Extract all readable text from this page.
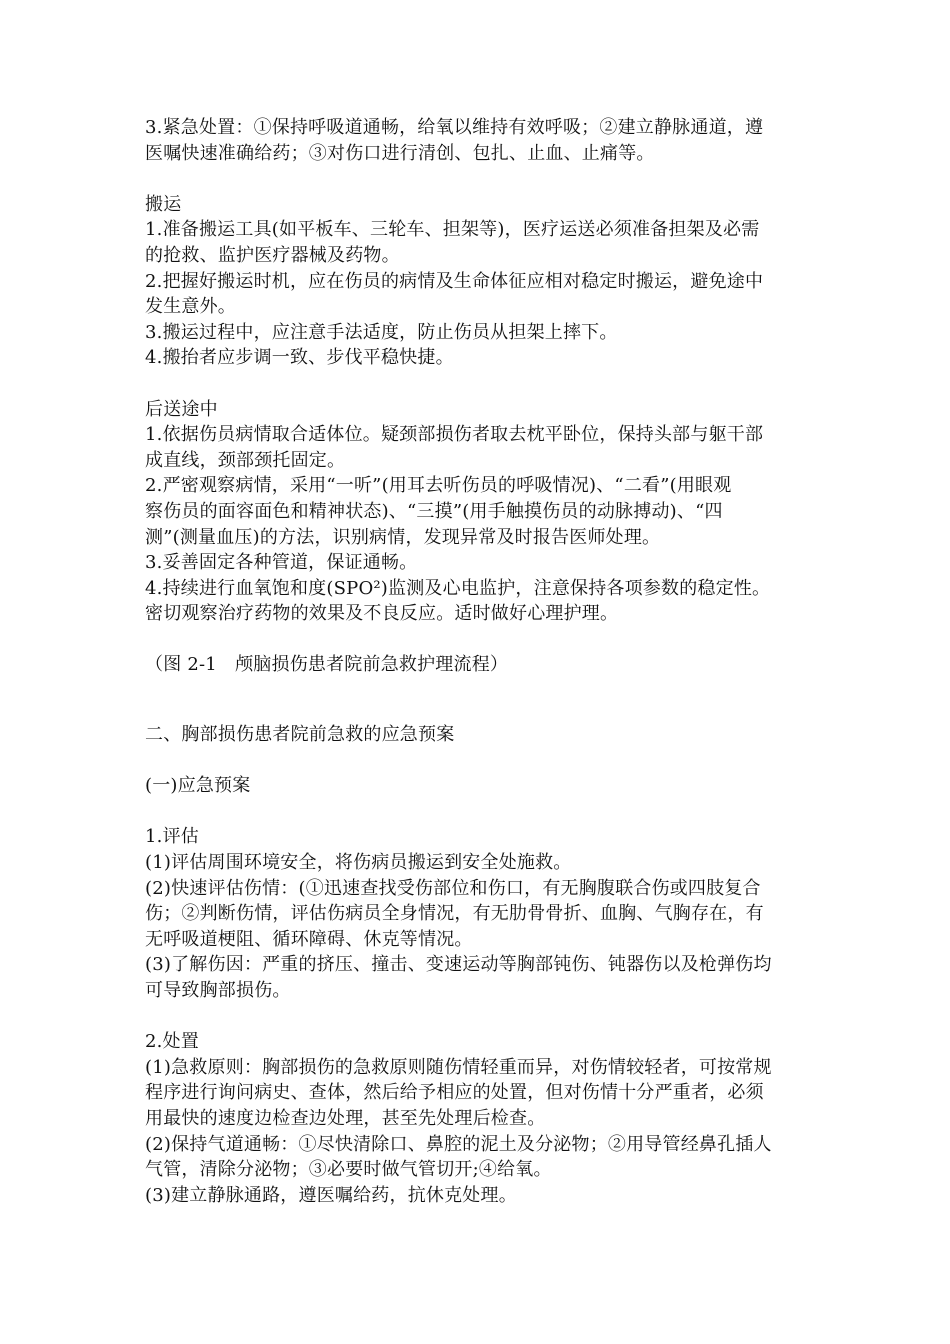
3.紧急处置：①保持呼吸道通畅，给氧以维持有效呼吸；②建立静脉通道，遵
医嘱快速准确给药；③对伤口进行清创、包扎、止血、止痛等。
搬运
1.准备搬运工具(如平板车、三轮车、担架等)，医疗运送必须准备担架及必需
的抢救、监护医疗器械及药物。
2.把握好搬运时机，应在伤员的病情及生命体征应相对稳定时搬运，避免途中
发生意外。
3.搬运过程中，应注意手法适度，防止伤员从担架上摔下。
4.搬抬者应步调一致、步伐平稳快捷。
后送途中
1.依据伤员病情取合适体位。疑颈部损伤者取去枕平卧位，保持头部与躯干部
成直线，颈部颈托固定。
2.严密观察病情，采用“一听”(用耳去听伤员的呼吸情况)、“二看”(用眼观
察伤员的面容面色和精神状态)、“三摸”(用手触摸伤员的动脉搏动)、“四
测”(测量血压)的方法，识别病情，发现异常及时报告医师处理。
3.妥善固定各种管道，保证通畅。
4.持续进行血氧饱和度(SPO²)监测及心电监护，注意保持各项参数的稳定性。
密切观察治疗药物的效果及不良反应。适时做好心理护理。
（图 2-1　颅脑损伤患者院前急救护理流程）
二、胸部损伤患者院前急救的应急预案
(一)应急预案
1.评估
(1)评估周围环境安全，将伤病员搬运到安全处施救。
(2)快速评估伤情：(①迅速查找受伤部位和伤口，有无胸腹联合伤或四肢复合
伤；②判断伤情，评估伤病员全身情况，有无肋骨骨折、血胸、气胸存在，有
无呼吸道梗阻、循环障碍、休克等情况。
(3)了解伤因：严重的挤压、撞击、变速运动等胸部钝伤、钝器伤以及枪弹伤均
可导致胸部损伤。
2.处置
(1)急救原则：胸部损伤的急救原则随伤情轻重而异，对伤情较轻者，可按常规
程序进行询问病史、查体，然后给予相应的处置，但对伤情十分严重者，必须
用最快的速度边检查边处理，甚至先处理后检查。
(2)保持气道通畅：①尽快清除口、鼻腔的泥土及分泌物；②用导管经鼻孔插人
气管，清除分泌物；③必要时做气管切开;④给氧。
(3)建立静脉通路，遵医嘱给药，抗休克处理。
